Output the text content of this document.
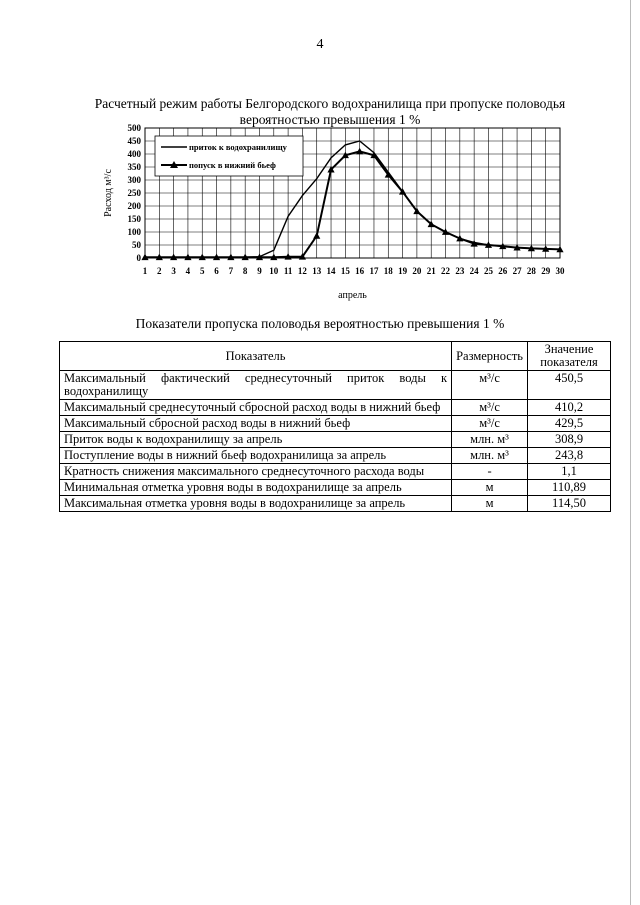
4
Расчетный режим работы Белгородского водохранилища при пропуске половодья
вероятностью превышения 1 %
0
50
100
150
200
250
300
350
400
450
500
1 2 3 4 5 6 7 8 9 10 11 12 13 14 15 16 17 18 19 20 21 22 23 24 25 26 27 28 29 30
апрель
Расход м³/с
приток к водохранилищу
попуск в нижний бьеф
Показатели пропуска половодья вероятностью превышения 1 %
Показатель	Размерность	Значение показателя
Максимальный фактический среднесуточный приток воды к водохранилищу	м³/с	450,5
Максимальный среднесуточный сбросной расход воды в нижний бьеф	м³/с	410,2
Максимальный сбросной расход воды в нижний бьеф	м³/с	429,5
Приток воды к водохранилищу за апрель	млн. м³	308,9
Поступление воды в нижний бьеф водохранилища за апрель	млн. м³	243,8
Кратность снижения максимального среднесуточного расхода воды	-	1,1
Минимальная отметка уровня воды в водохранилище за апрель	м	110,89
Максимальная отметка уровня воды в водохранилище за апрель	м	114,50
